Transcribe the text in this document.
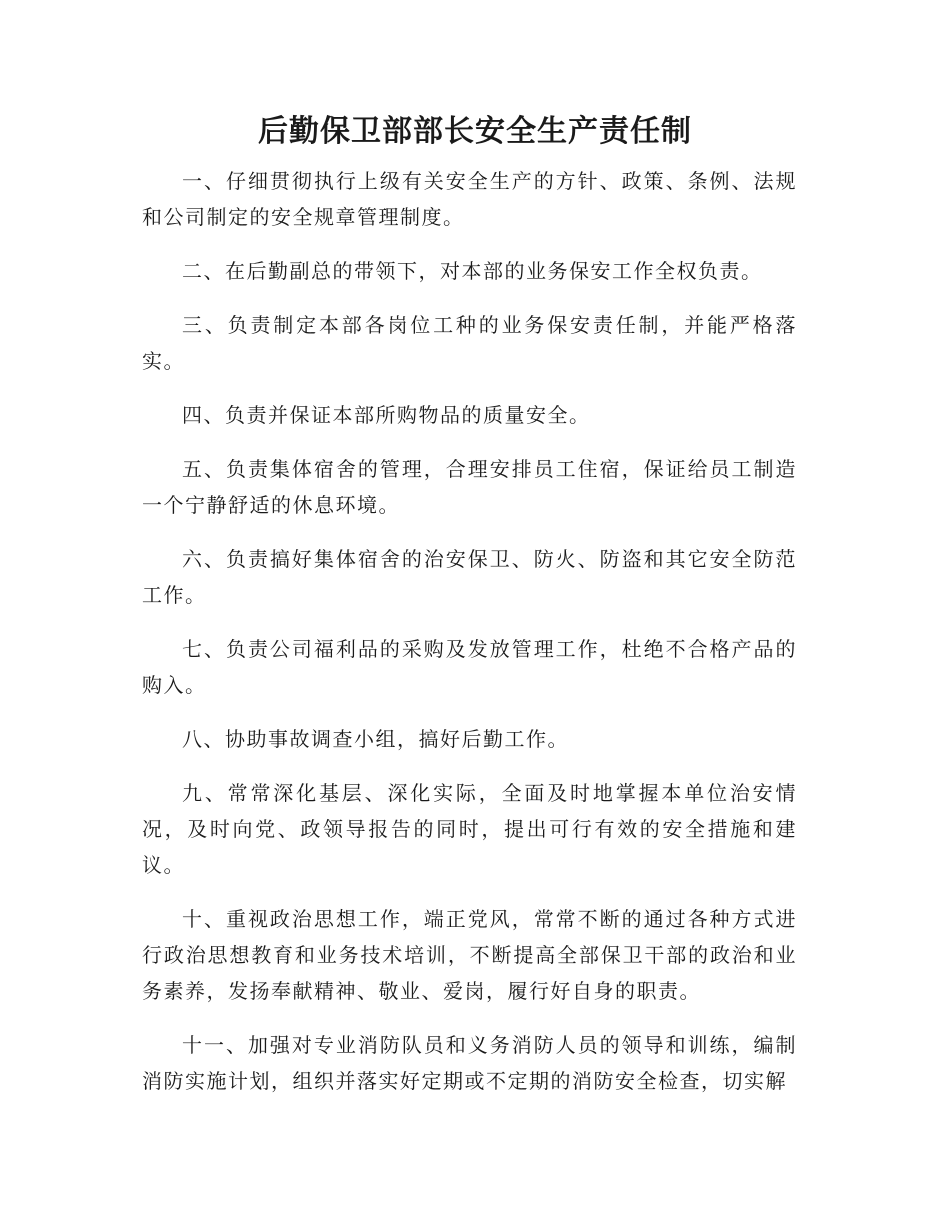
后勤保卫部部长安全生产责任制

一、仔细贯彻执行上级有关安全生产的方针、政策、条例、法规和公司制定的安全规章管理制度。

二、在后勤副总的带领下，对本部的业务保安工作全权负责。

三、负责制定本部各岗位工种的业务保安责任制，并能严格落实。

四、负责并保证本部所购物品的质量安全。

五、负责集体宿舍的管理，合理安排员工住宿，保证给员工制造一个宁静舒适的休息环境。

六、负责搞好集体宿舍的治安保卫、防火、防盗和其它安全防范工作。

七、负责公司福利品的采购及发放管理工作，杜绝不合格产品的购入。

八、协助事故调查小组，搞好后勤工作。

九、常常深化基层、深化实际，全面及时地掌握本单位治安情况，及时向党、政领导报告的同时，提出可行有效的安全措施和建议。

十、重视政治思想工作，端正党风，常常不断的通过各种方式进行政治思想教育和业务技术培训，不断提高全部保卫干部的政治和业务素养，发扬奉献精神、敬业、爱岗，履行好自身的职责。

十一、加强对专业消防队员和义务消防人员的领导和训练，编制消防实施计划，组织并落实好定期或不定期的消防安全检查，切实解
